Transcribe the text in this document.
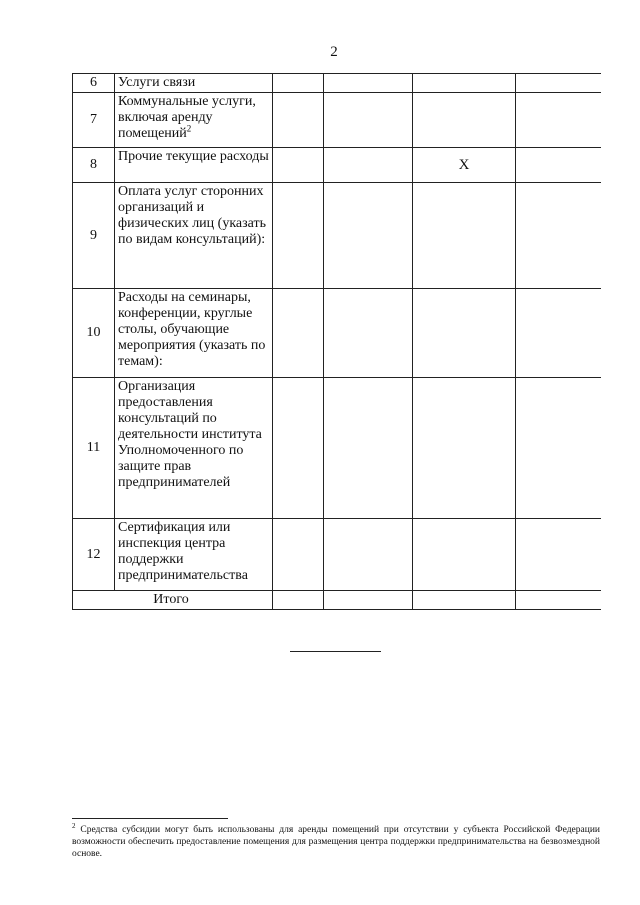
2
6	Услуги связи				
7	Коммунальные услуги, включая аренду помещений$^2$				
8	Прочие текущие расходы			X	
9	Оплата услуг сторонних организаций и физических лиц (указать по видам консультаций):				
10	Расходы на семинары, конференции, круглые столы, обучающие мероприятия (указать по темам):				
11	Организация предоставления консультаций по деятельности института Уполномоченного по защите прав предпринимателей				
12	Сертификация или инспекция центра поддержки предпринимательства				
Итого					
$^2$ Средства субсидии могут быть использованы для аренды помещений при отсутствии у субъекта Российской Федерации возможности обеспечить предоставление помещения для размещения центра поддержки предпринимательства на безвозмездной основе.
